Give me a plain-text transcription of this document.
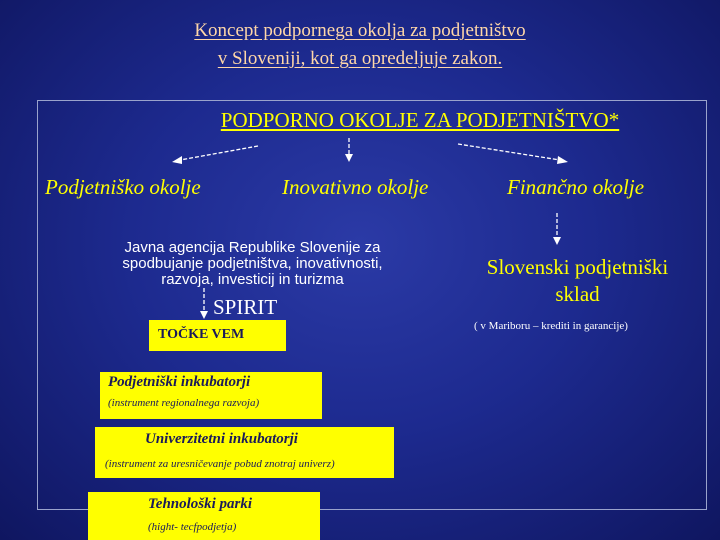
Koncept podpornega okolja za podjetništvo
v Sloveniji, kot ga opredeljuje zakon.
PODPORNO OKOLJE ZA PODJETNIŠTVO*
Podjetniško okolje	Inovativno okolje	Finančno okolje
Javna agencija Republike Slovenije za
spodbujanje podjetništva, inovativnosti,
razvoja, investicij in turizma
SPIRIT
TOČKE VEM
Podjetniški inkubatorji
(instrument regionalnega razvoja)
Univerzitetni inkubatorji
(instrument za uresničevanje pobud znotraj univerz)
Tehnološki parki
(hight- tecfpodjetja)
Slovenski podjetniški
sklad
( v Mariboru – krediti in garancije)
